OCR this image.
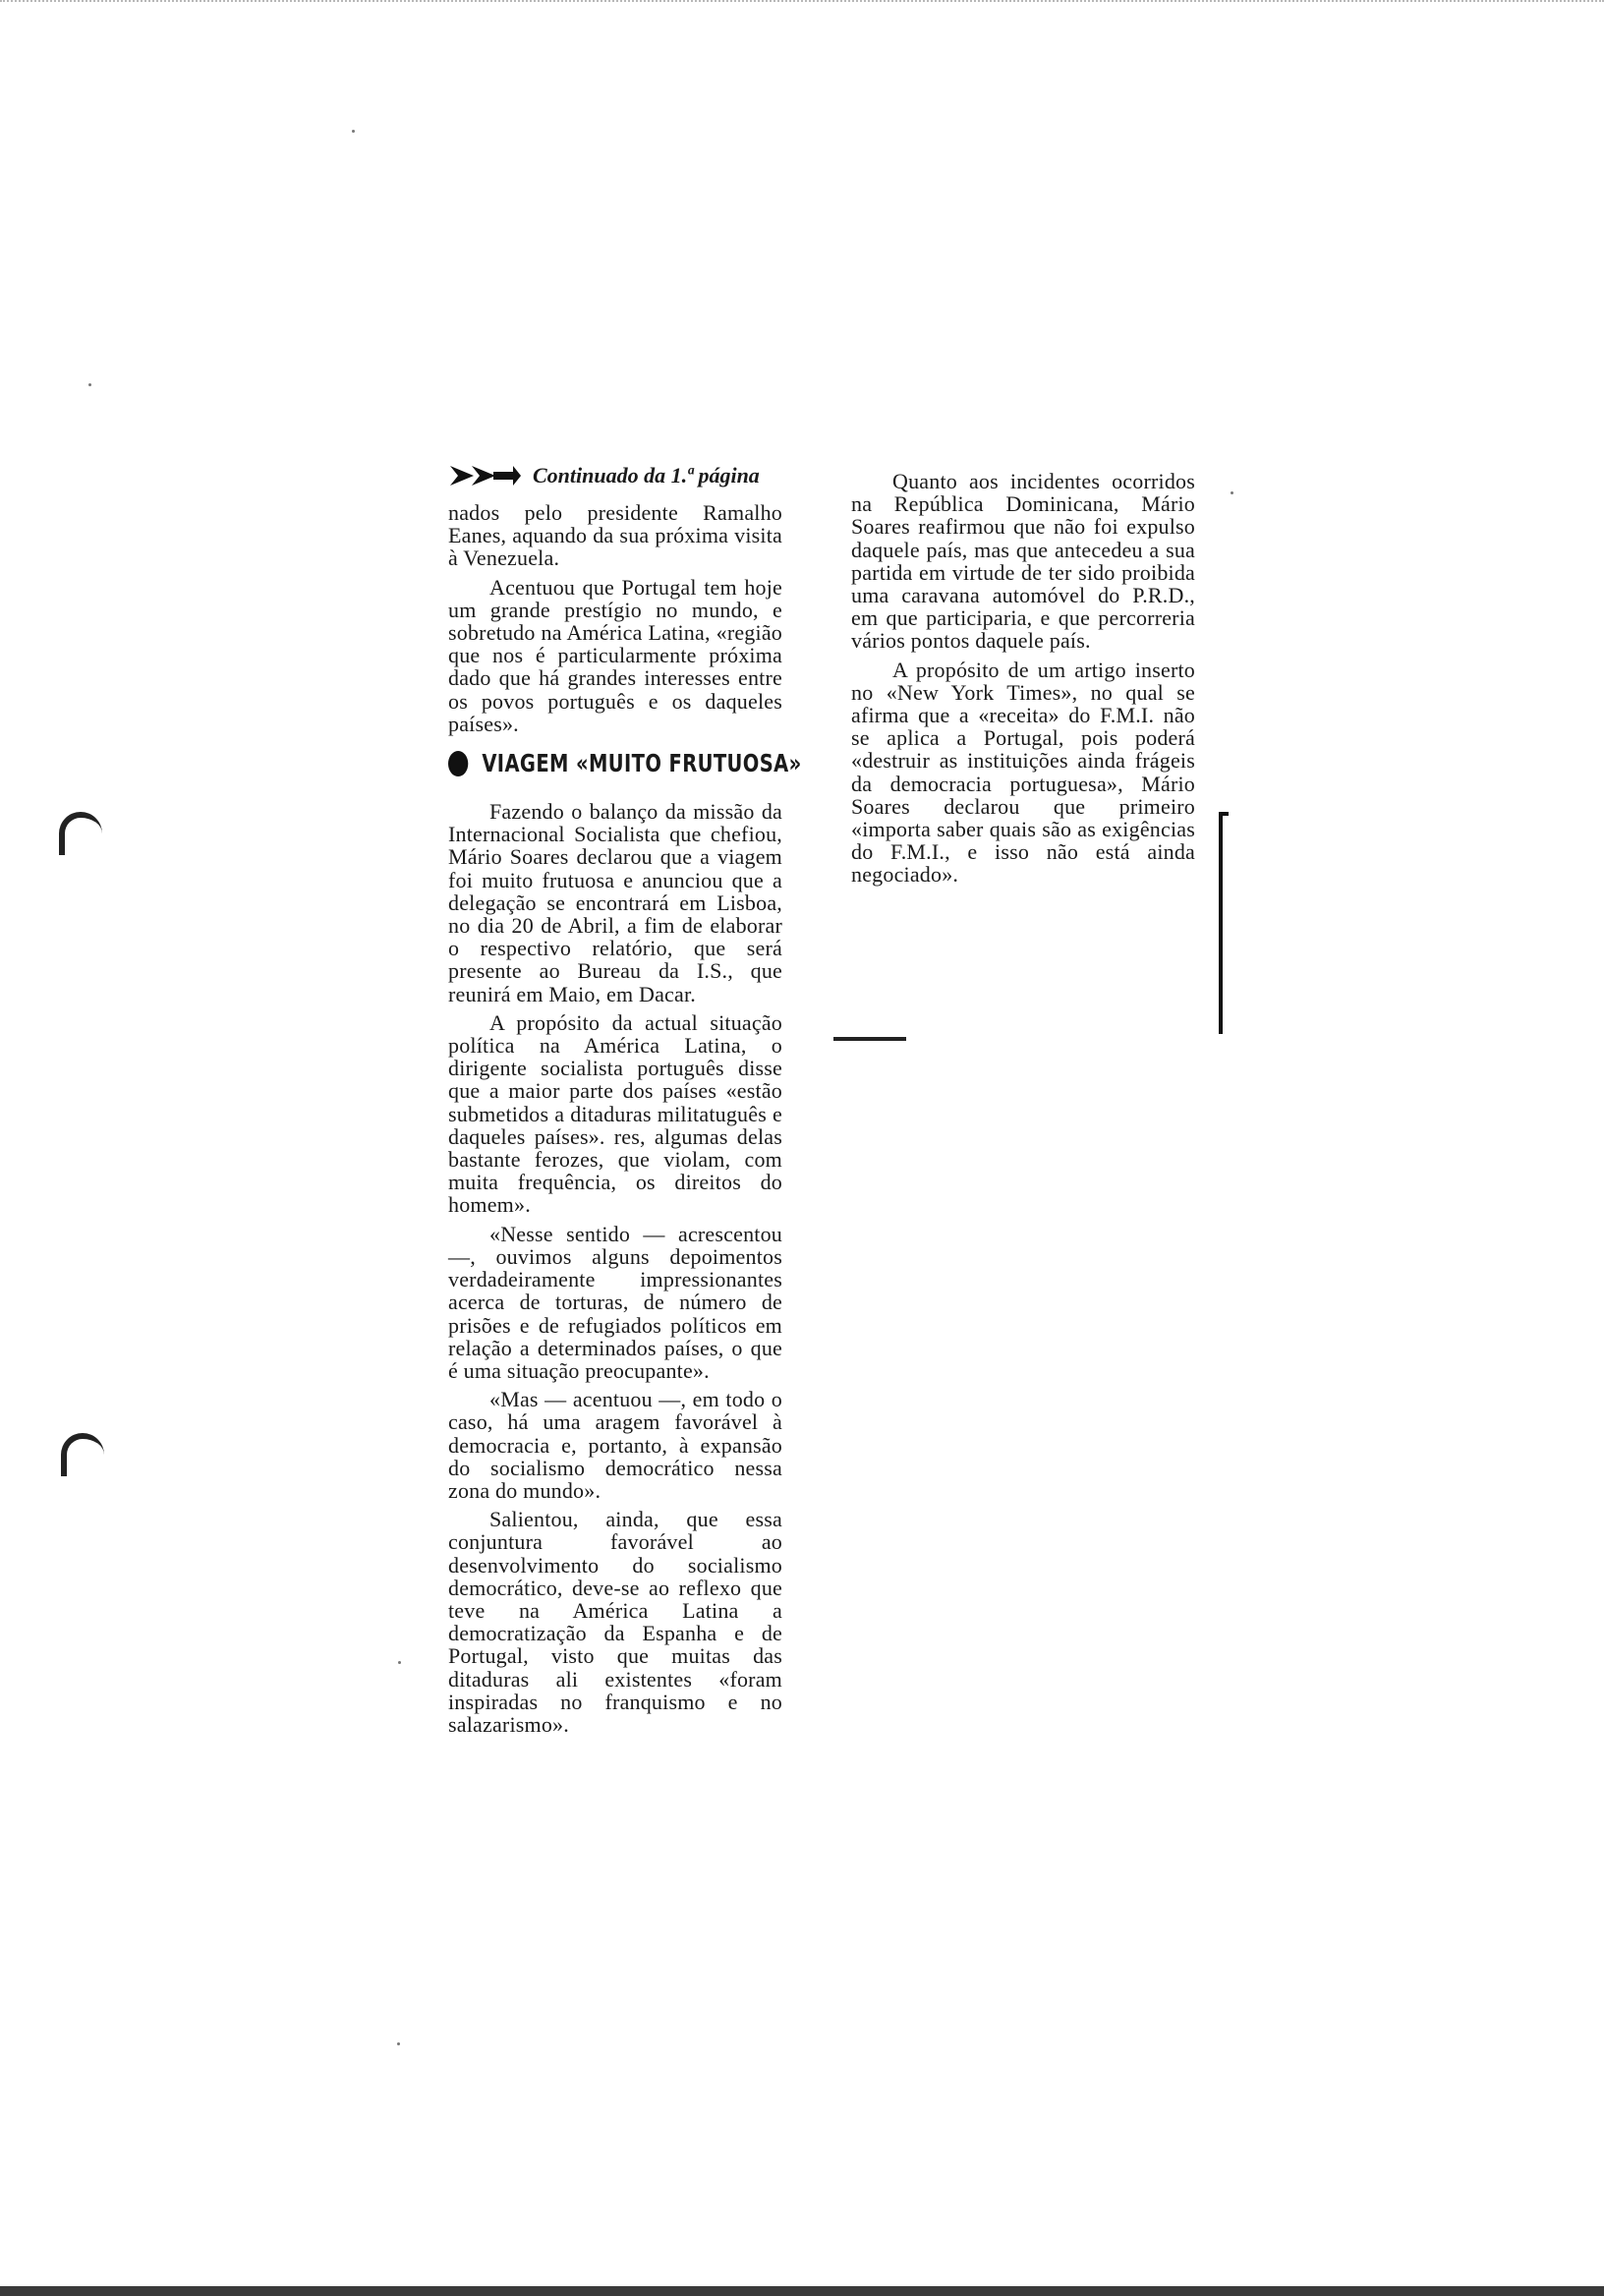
Continuado da 1.ª página

nados pelo presidente Ramalho Eanes, aquando da sua próxima visita à Venezuela.

Acentuou que Portugal tem hoje um grande prestígio no mundo, e sobretudo na América Latina, «região que nos é particularmente próxima dado que há grandes interesses entre os povos português e os daqueles países».

VIAGEM «MUITO FRUTUOSA»

Fazendo o balanço da missão da Internacional Socialista que chefiou, Mário Soares declarou que a viagem foi muito frutuosa e anunciou que a delegação se encontrará em Lisboa, no dia 20 de Abril, a fim de elaborar o respectivo relatório, que será presente ao Bureau da I.S., que reunirá em Maio, em Dacar.

A propósito da actual situação política na América Latina, o dirigente socialista português disse que a maior parte dos países «estão submetidos a ditaduras militatuguês e daqueles países». res, algumas delas bastante ferozes, que violam, com muita frequência, os direitos do homem».

«Nesse sentido — acrescentou —, ouvimos alguns depoimentos verdadeiramente impressionantes acerca de torturas, de número de prisões e de refugiados políticos em relação a determinados países, o que é uma situação preocupante».

«Mas — acentuou —, em todo o caso, há uma aragem favorável à democracia e, portanto, à expansão do socialismo democrático nessa zona do mundo».

Salientou, ainda, que essa conjuntura favorável ao desenvolvimento do socialismo democrático, deve-se ao reflexo que teve na América Latina a democratização da Espanha e de Portugal, visto que muitas das ditaduras ali existentes «foram inspiradas no franquismo e no salazarismo».

Quanto aos incidentes ocorridos na República Dominicana, Mário Soares reafirmou que não foi expulso daquele país, mas que antecedeu a sua partida em virtude de ter sido proibida uma caravana automóvel do P.R.D., em que participaria, e que percorreria vários pontos daquele país.

A propósito de um artigo inserto no «New York Times», no qual se afirma que a «receita» do F.M.I. não se aplica a Portugal, pois poderá «destruir as instituições ainda frágeis da democracia portuguesa», Mário Soares declarou que primeiro «importa saber quais são as exigências do F.M.I., e isso não está ainda negociado».
